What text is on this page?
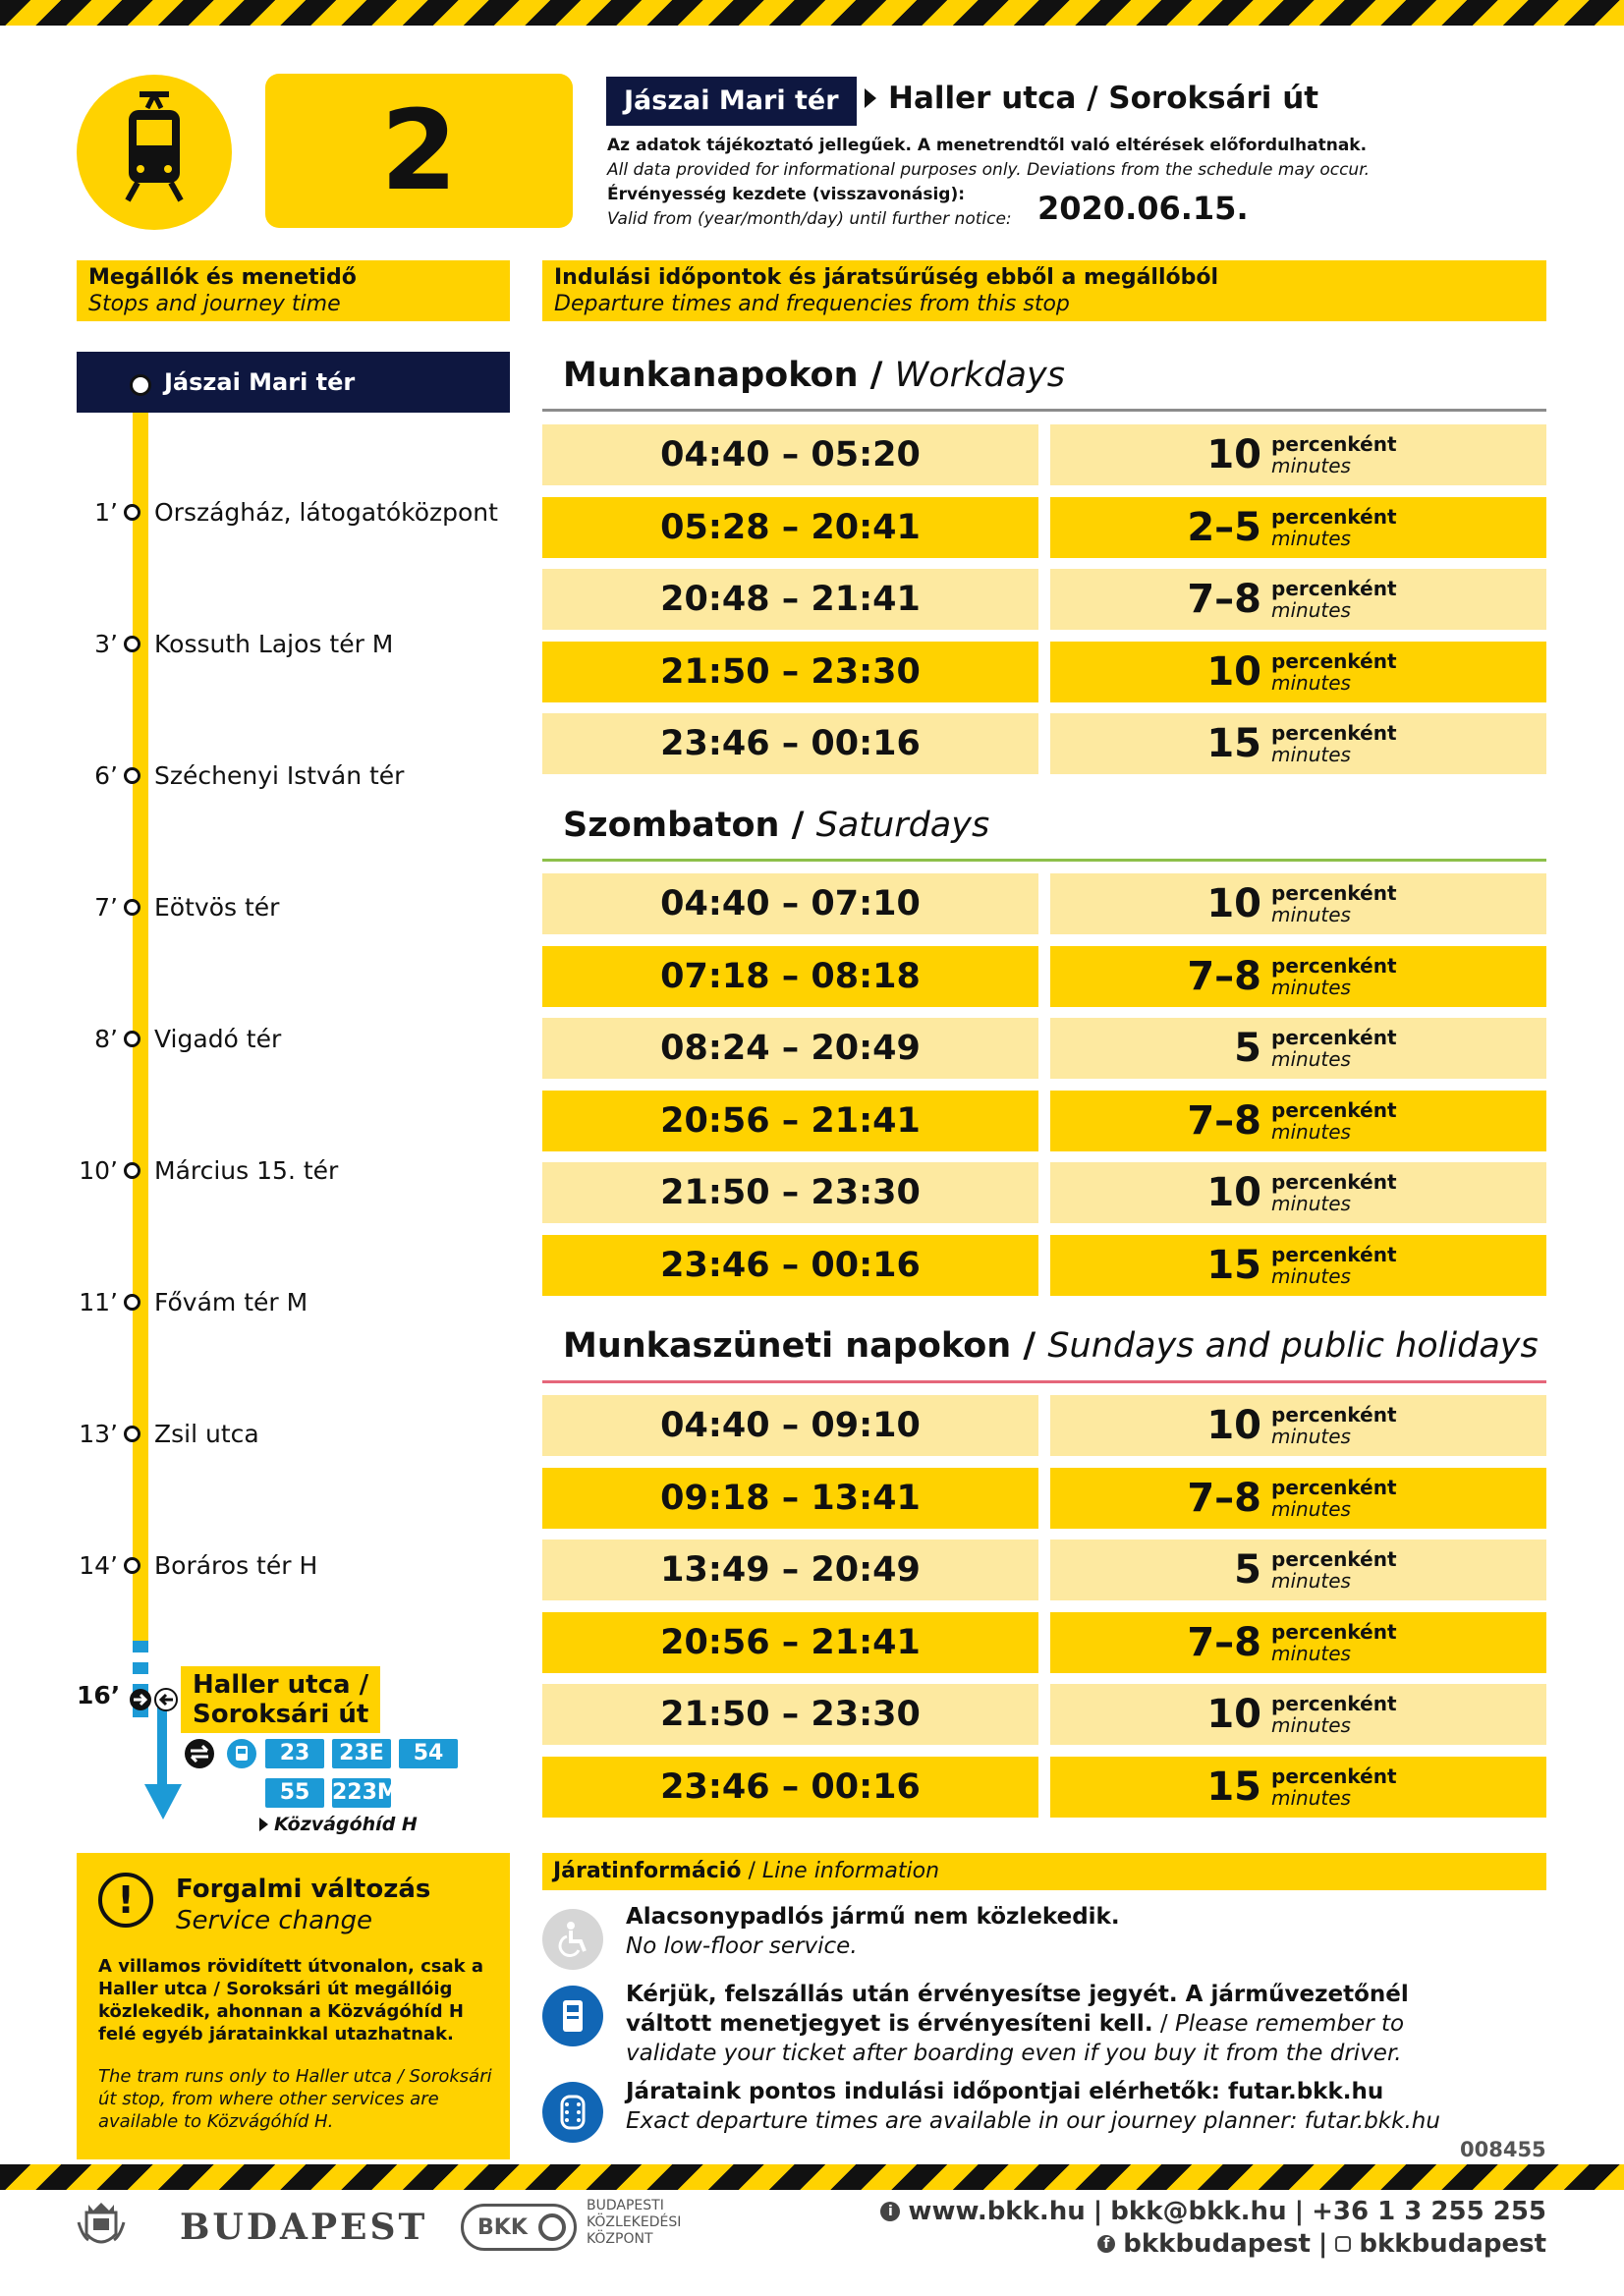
2	Jászai Mari tér	Haller utca / Soroksári út
Az adatok tájékoztató jellegűek. A menetrendtől való eltérések előfordulhatnak.
All data provided for informational purposes only. Deviations from the schedule may occur.
Érvényesség kezdete (visszavonásig):
Valid from (year/month/day) until further notice: 2020.06.15.
Megállók és menetidő
Stops and journey time
Indulási időpontok és járatsűrűség ebből a megállóból
Departure times and frequencies from this stop
Jászai Mari tér
1’ Országház, látogatóközpont
3’ Kossuth Lajos tér M
6’ Széchenyi István tér
7’ Eötvös tér
8’ Vigadó tér
10’ Március 15. tér
11’ Fővám tér M
13’ Zsil utca
14’ Boráros tér H
16’	Haller utca /
Soroksári út
23	23E	54
55	223M
Közvágóhíd H
Munkanapokon / Workdays
04:40 – 05:20	10 percenként
minutes
05:28 – 20:41	2–5 percenként
minutes
20:48 – 21:41	7–8 percenként
minutes
21:50 – 23:30	10 percenként
minutes
23:46 – 00:16	15 percenként
minutes
Szombaton / Saturdays
04:40 – 07:10	10 percenként
minutes
07:18 – 08:18	7–8 percenként
minutes
08:24 – 20:49	5 percenként
minutes
20:56 – 21:41	7–8 percenként
minutes
21:50 – 23:30	10 percenként
minutes
23:46 – 00:16	15 percenként
minutes
Munkaszüneti napokon / Sundays and public holidays
04:40 – 09:10	10 percenként
minutes
09:18 – 13:41	7–8 percenként
minutes
13:49 – 20:49	5 percenként
minutes
20:56 – 21:41	7–8 percenként
minutes
21:50 – 23:30	10 percenként
minutes
23:46 – 00:16	15 percenként
minutes
!	Forgalmi változás
Service change
A villamos rövidített útvonalon, csak a Haller utca / Soroksári út megállóig közlekedik, ahonnan a Közvágóhíd H felé egyéb járatainkkal utazhatnak.
The tram runs only to Haller utca / Soroksári út stop, from where other services are available to Közvágóhíd H.
Járatinformáció / Line information
Alacsonypadlós jármű nem közlekedik.
No low-floor service.
Kérjük, felszállás után érvényesítse jegyét. A járművezetőnél váltott menetjegyet is érvényesíteni kell. / Please remember to validate your ticket after boarding even if you buy it from the driver.
Járataink pontos indulási időpontjai elérhetők: futar.bkk.hu
Exact departure times are available in our journey planner: futar.bkk.hu
008455
BUDAPEST BKK
BUDAPESTI
KÖZLEKEDÉSI
KÖZPONT
i www.bkk.hu | bkk@bkk.hu | +36 1 3 255 255
f bkkbudapest | bkkbudapest
